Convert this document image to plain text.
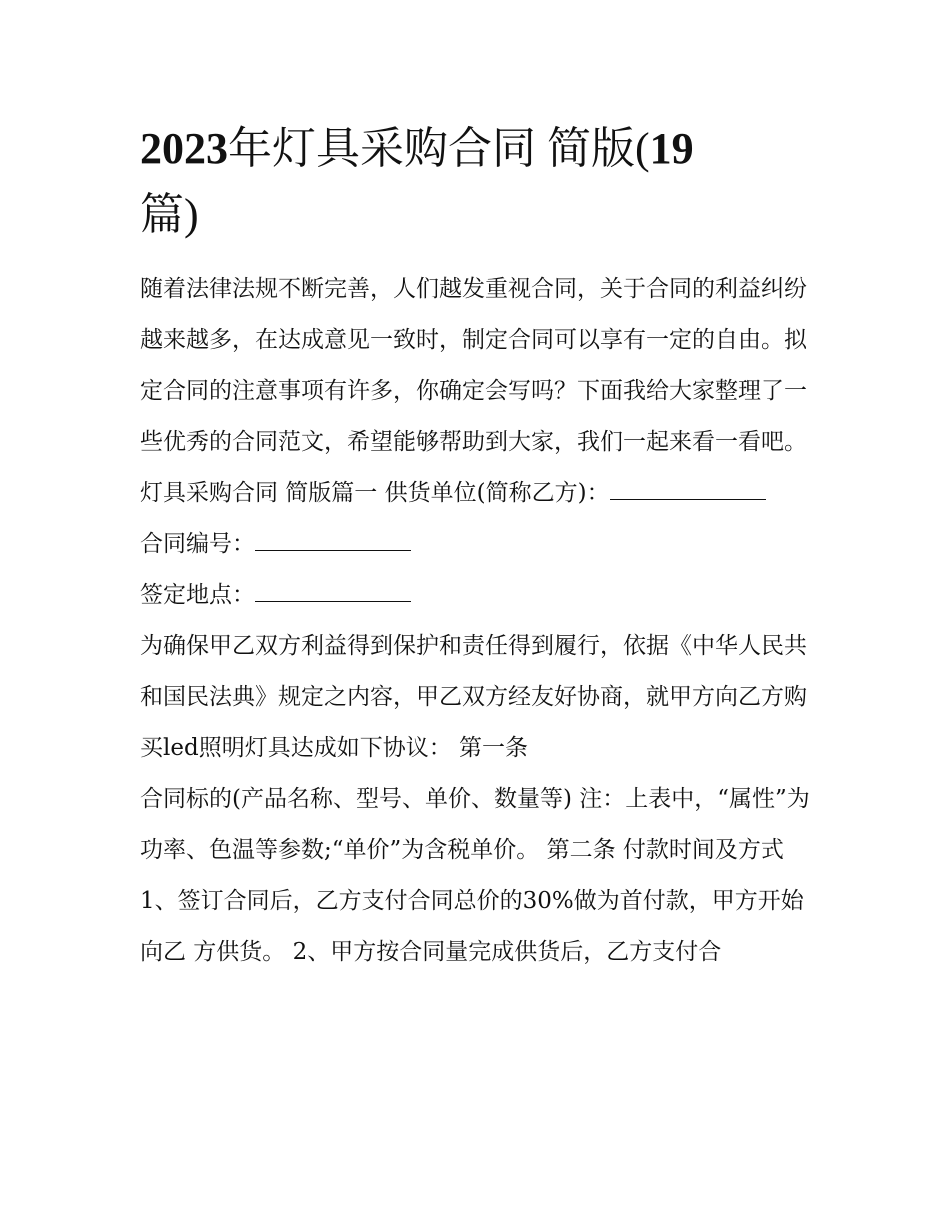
2023年灯具采购合同 简版(19
篇)

随着法律法规不断完善，人们越发重视合同，关于合同的利益纠纷越来越多，在达成意见一致时，制定合同可以享有一定的自由。拟定合同的注意事项有许多，你确定会写吗？下面我给大家整理了一些优秀的合同范文，希望能够帮助到大家，我们一起来看一看吧。

灯具采购合同 简版篇一 供货单位(简称乙方)：

合同编号：

签定地点：

为确保甲乙双方利益得到保护和责任得到履行，依据《中华人民共和国民法典》规定之内容，甲乙双方经友好协商，就甲方向乙方购买led照明灯具达成如下协议： 第一条

合同标的(产品名称、型号、单价、数量等) 注：上表中，“属性”为功率、色温等参数;“单价”为含税单价。 第二条 付款时间及方式

1、签订合同后，乙方支付合同总价的30%做为首付款，甲方开始向乙 方供货。 2、甲方按合同量完成供货后，乙方支付合
